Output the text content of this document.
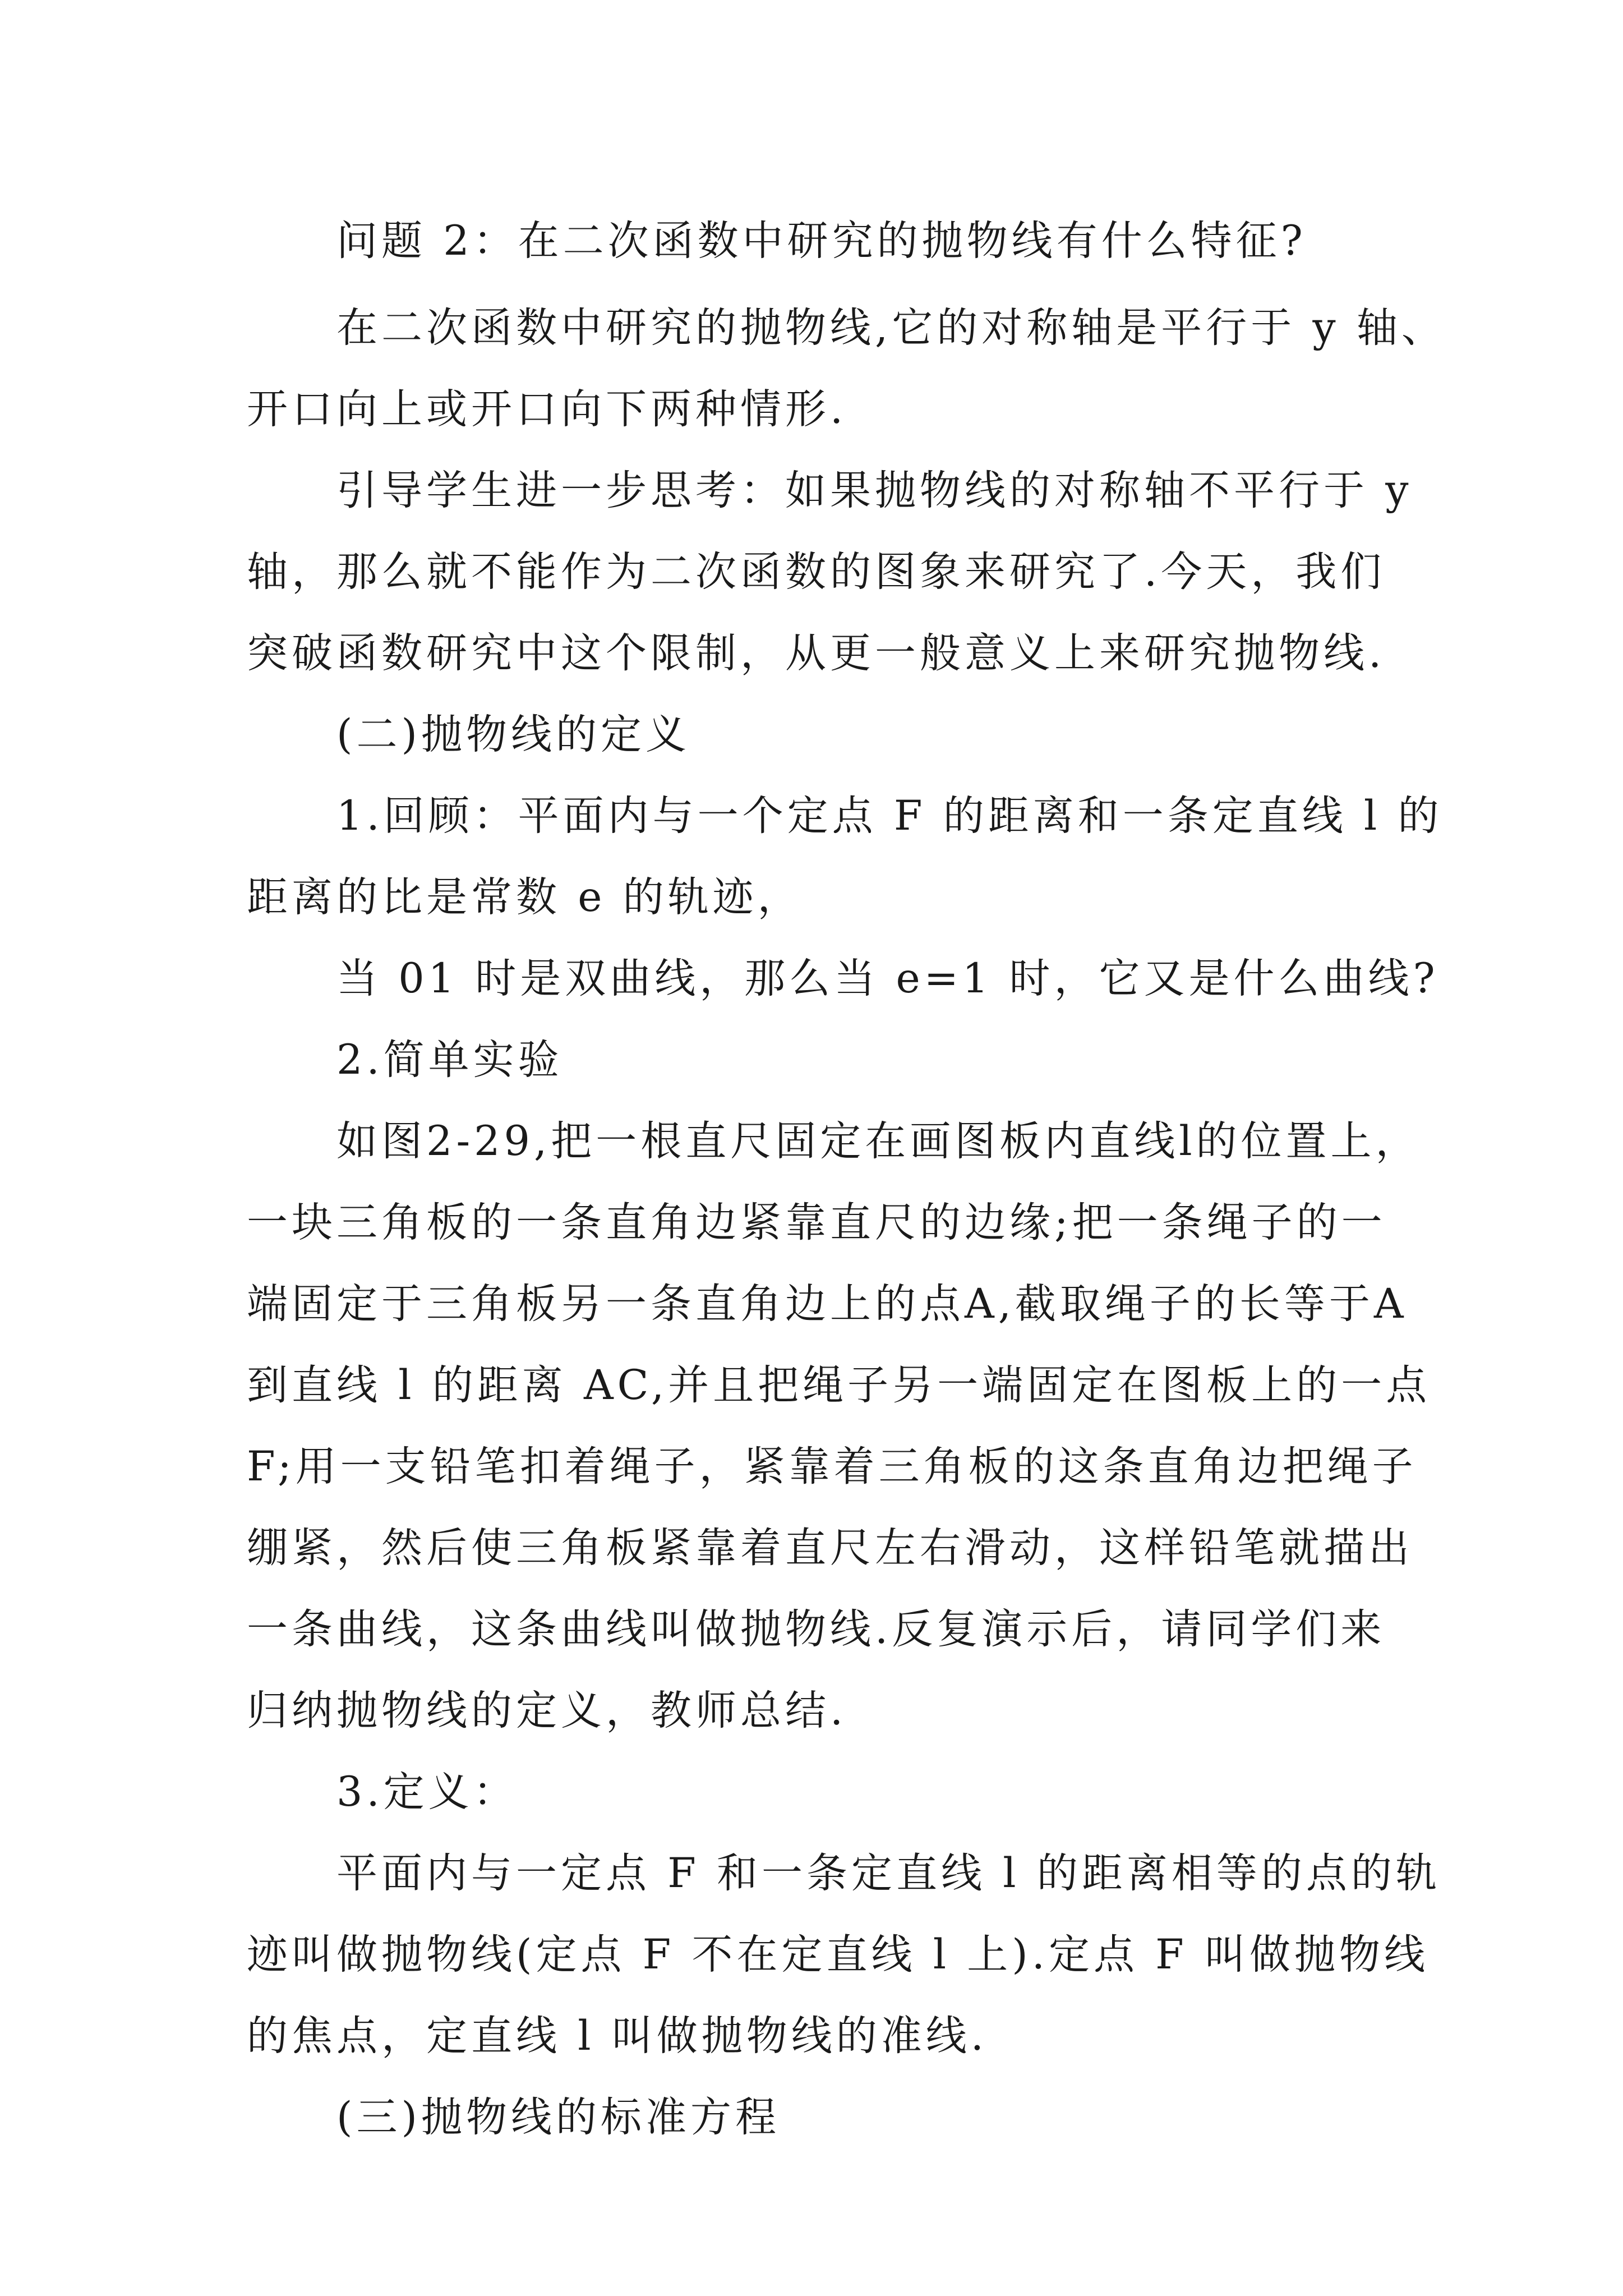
问题 2：在二次函数中研究的抛物线有什么特征?
在二次函数中研究的抛物线,它的对称轴是平行于 y 轴、
开口向上或开口向下两种情形.
引导学生进一步思考：如果抛物线的对称轴不平行于 y
轴，那么就不能作为二次函数的图象来研究了.今天，我们
突破函数研究中这个限制，从更一般意义上来研究抛物线.
(二)抛物线的定义
1.回顾：平面内与一个定点 F 的距离和一条定直线 l 的
距离的比是常数 e 的轨迹，
当 01 时是双曲线，那么当 e=1 时，它又是什么曲线?
2.简单实验
如图2-29,把一根直尺固定在画图板内直线l的位置上，
一块三角板的一条直角边紧靠直尺的边缘;把一条绳子的一
端固定于三角板另一条直角边上的点A,截取绳子的长等于A
到直线 l 的距离 AC,并且把绳子另一端固定在图板上的一点
F;用一支铅笔扣着绳子，紧靠着三角板的这条直角边把绳子
绷紧，然后使三角板紧靠着直尺左右滑动，这样铅笔就描出
一条曲线，这条曲线叫做抛物线.反复演示后，请同学们来
归纳抛物线的定义，教师总结.
3.定义：
平面内与一定点 F 和一条定直线 l 的距离相等的点的轨
迹叫做抛物线(定点 F 不在定直线 l 上).定点 F 叫做抛物线
的焦点，定直线 l 叫做抛物线的准线.
(三)抛物线的标准方程
